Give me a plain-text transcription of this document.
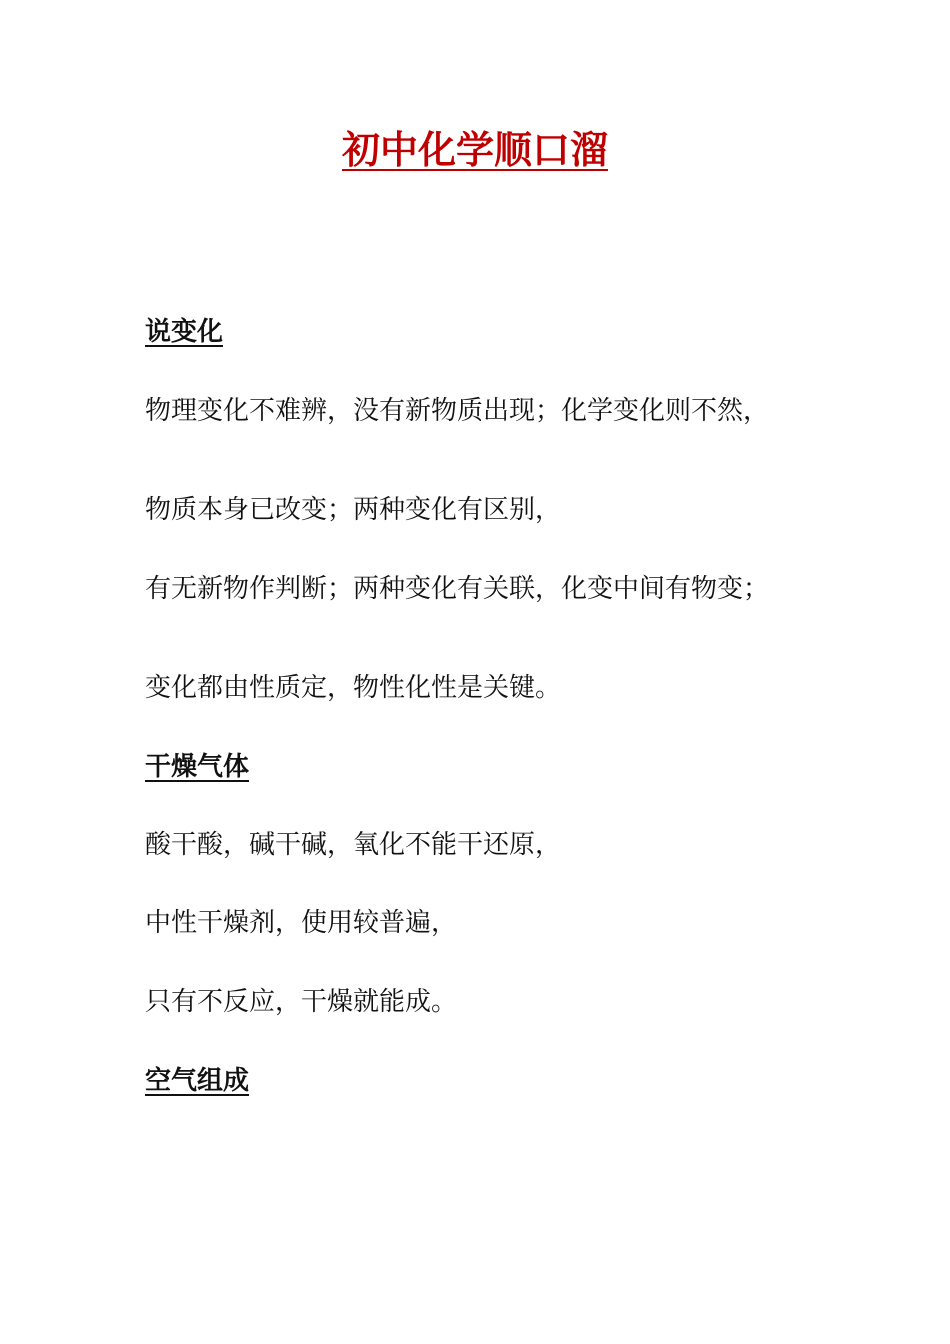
初中化学顺口溜
说变化
物理变化不难辨，没有新物质出现；化学变化则不然，
物质本身已改变；两种变化有区别，
有无新物作判断；两种变化有关联，化变中间有物变；
变化都由性质定，物性化性是关键。
干燥气体
酸干酸，碱干碱，氧化不能干还原，
中性干燥剂，使用较普遍，
只有不反应，干燥就能成。
空气组成
